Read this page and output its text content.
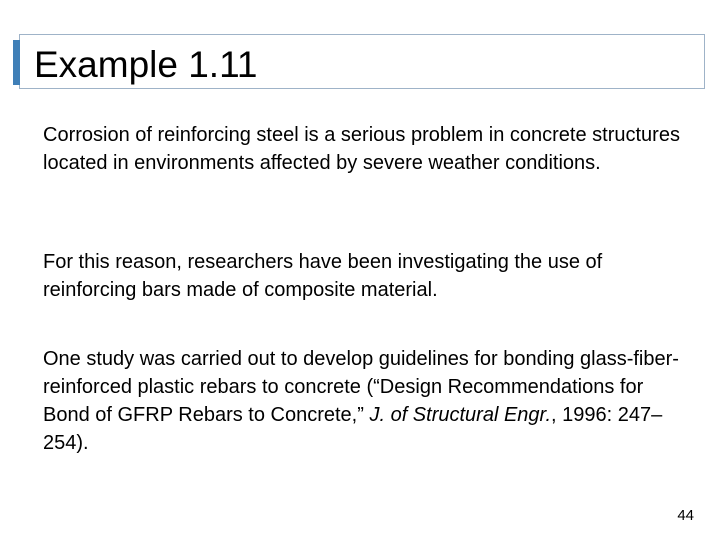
Example 1.11

Corrosion of reinforcing steel is a serious problem in concrete structures located in environments affected by severe weather conditions.

For this reason, researchers have been investigating the use of reinforcing bars made of composite material.

One study was carried out to develop guidelines for bonding glass-fiber-reinforced plastic rebars to concrete (“Design Recommendations for Bond of GFRP Rebars to Concrete,” J. of Structural Engr., 1996: 247–254).

44
